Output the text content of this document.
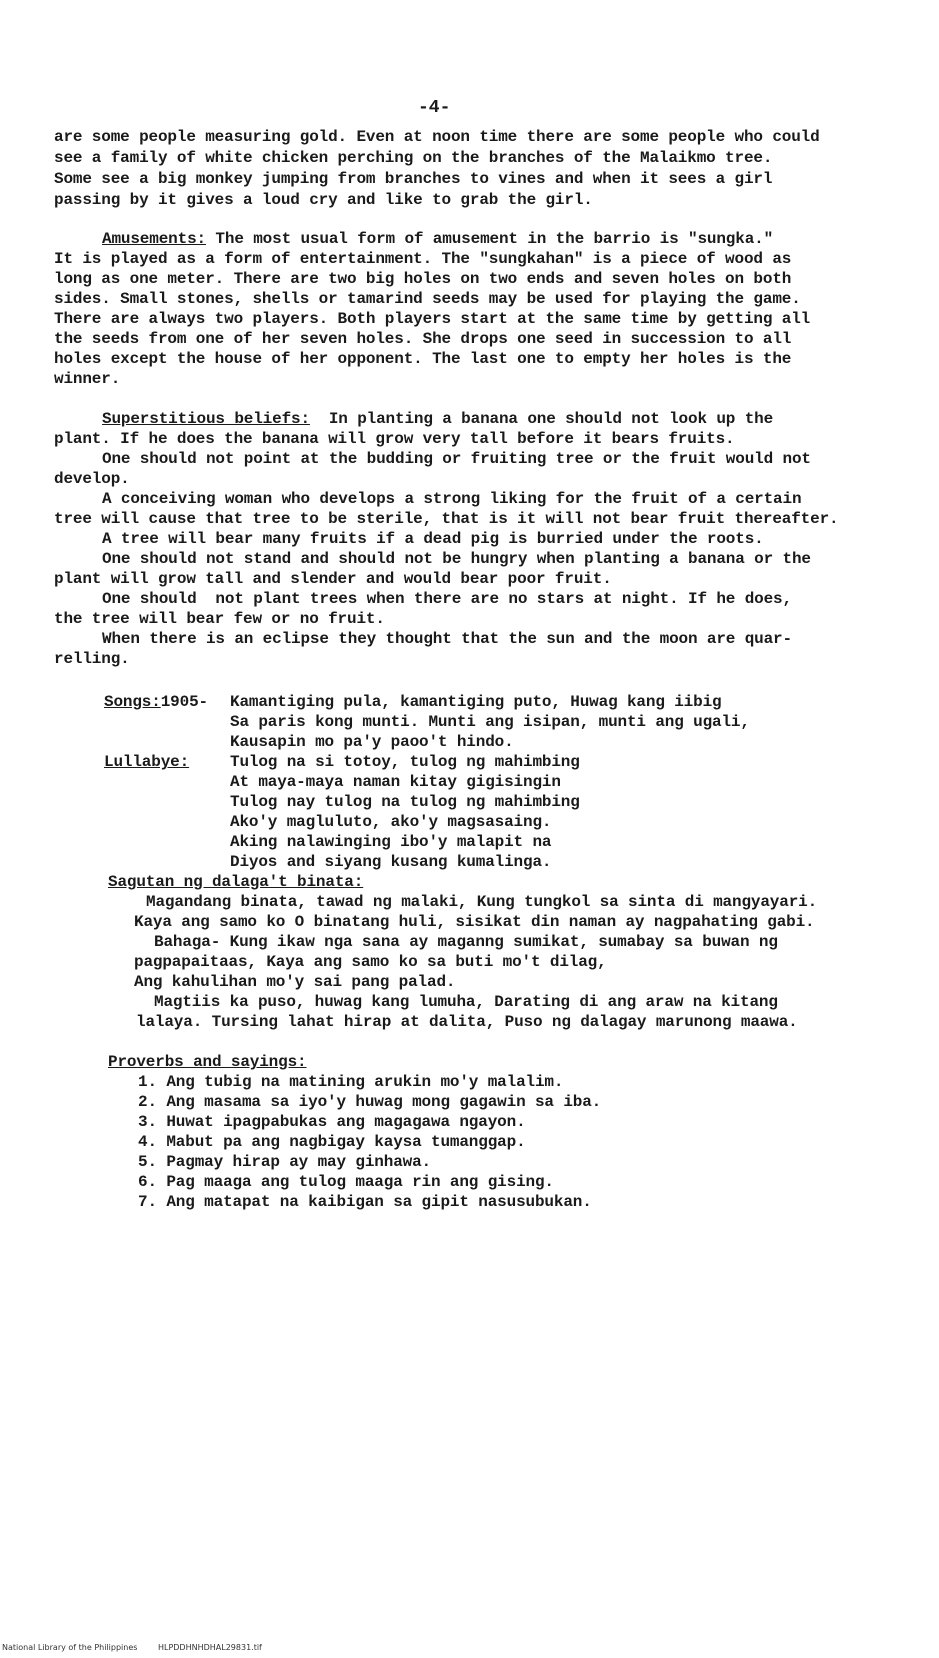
-4-

are some people measuring gold. Even at noon time there are some people who could

see a family of white chicken perching on the branches of the Malaikmo tree.

Some see a big monkey jumping from branches to vines and when it sees a girl

passing by it gives a loud cry and like to grab the girl.

Amusements: The most usual form of amusement in the barrio is "sungka."

It is played as a form of entertainment. The "sungkahan" is a piece of wood as

long as one meter. There are two big holes on two ends and seven holes on both

sides. Small stones, shells or tamarind seeds may be used for playing the game.

There are always two players. Both players start at the same time by getting all

the seeds from one of her seven holes. She drops one seed in succession to all

holes except the house of her opponent. The last one to empty her holes is the

winner.

Superstitious beliefs:  In planting a banana one should not look up the

plant. If he does the banana will grow very tall before it bears fruits.

One should not point at the budding or fruiting tree or the fruit would not

develop.

A conceiving woman who develops a strong liking for the fruit of a certain

tree will cause that tree to be sterile, that is it will not bear fruit thereafter.

A tree will bear many fruits if a dead pig is burried under the roots.

One should not stand and should not be hungry when planting a banana or the

plant will grow tall and slender and would bear poor fruit.

One should  not plant trees when there are no stars at night. If he does,

the tree will bear few or no fruit.

When there is an eclipse they thought that the sun and the moon are quar-

relling.

Songs:1905- Kamantiging pula, kamantiging puto, Huwag kang iibig

Sa paris kong munti. Munti ang isipan, munti ang ugali,

Kausapin mo pa'y paoo't hindo.

Lullabye:	Tulog na si totoy, tulog ng mahimbing

At maya-maya naman kitay gigisingin

Tulog nay tulog na tulog ng mahimbing

Ako'y magluluto, ako'y magsasaing.

Aking nalawinging ibo'y malapit na

Diyos and siyang kusang kumalinga.

Sagutan ng dalaga't binata:

Magandang binata, tawad ng malaki, Kung tungkol sa sinta di mangyayari.

Kaya ang samo ko O binatang huli, sisikat din naman ay nagpahating gabi.

Bahaga- Kung ikaw nga sana ay maganng sumikat, sumabay sa buwan ng

pagpapaitaas, Kaya ang samo ko sa buti mo't dilag,

Ang kahulihan mo'y sai pang palad.

Magtiis ka puso, huwag kang lumuha, Darating di ang araw na kitang

lalaya. Tursing lahat hirap at dalita, Puso ng dalagay marunong maawa.

Proverbs and sayings:

1. Ang tubig na matining arukin mo'y malalim.

2. Ang masama sa iyo'y huwag mong gagawin sa iba.

3. Huwat ipagpabukas ang magagawa ngayon.

4. Mabut pa ang nagbigay kaysa tumanggap.

5. Pagmay hirap ay may ginhawa.

6. Pag maaga ang tulog maaga rin ang gising.

7. Ang matapat na kaibigan sa gipit nasusubukan.

National Library of the Philippines	HLPDDHNHDHAL29831.tif
